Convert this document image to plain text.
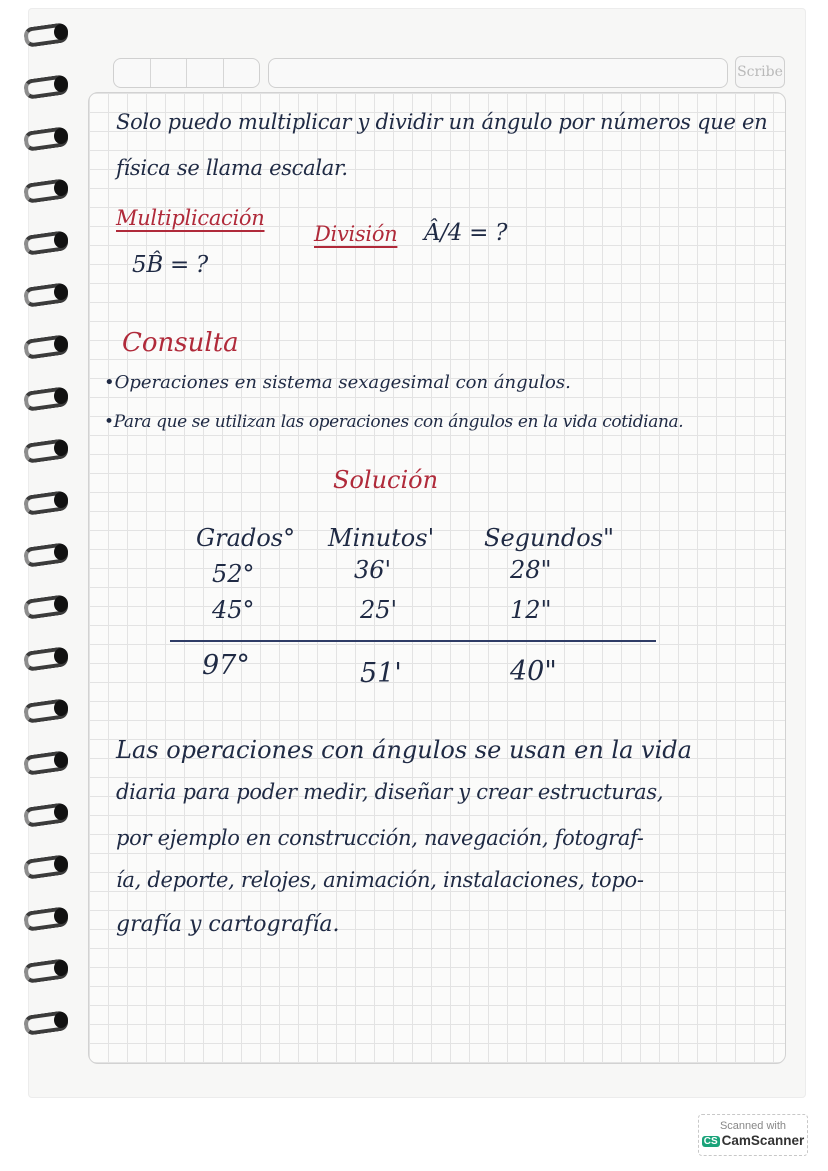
Scribe
Solo puedo multiplicar y dividir un ángulo por números que en
física se llama escalar.
Multiplicación
5B̂ = ?
División Â/4 = ?
Consulta
•Operaciones en sistema sexagesimal con ángulos.
•Para que se utilizan las operaciones con ángulos en la vida cotidiana.
Solución
Grados° Minutos' Segundos"
52°	36'	28"
45°	25'	12"
97°	51'	40"
Las operaciones con ángulos se usan en la vida
diaria para poder medir, diseñar y crear estructuras,
por ejemplo en construcción, navegación, fotograf-
ía, deporte, relojes, animación, instalaciones, topo-
grafía y cartografía.
Scanned with
CS CamScanner
